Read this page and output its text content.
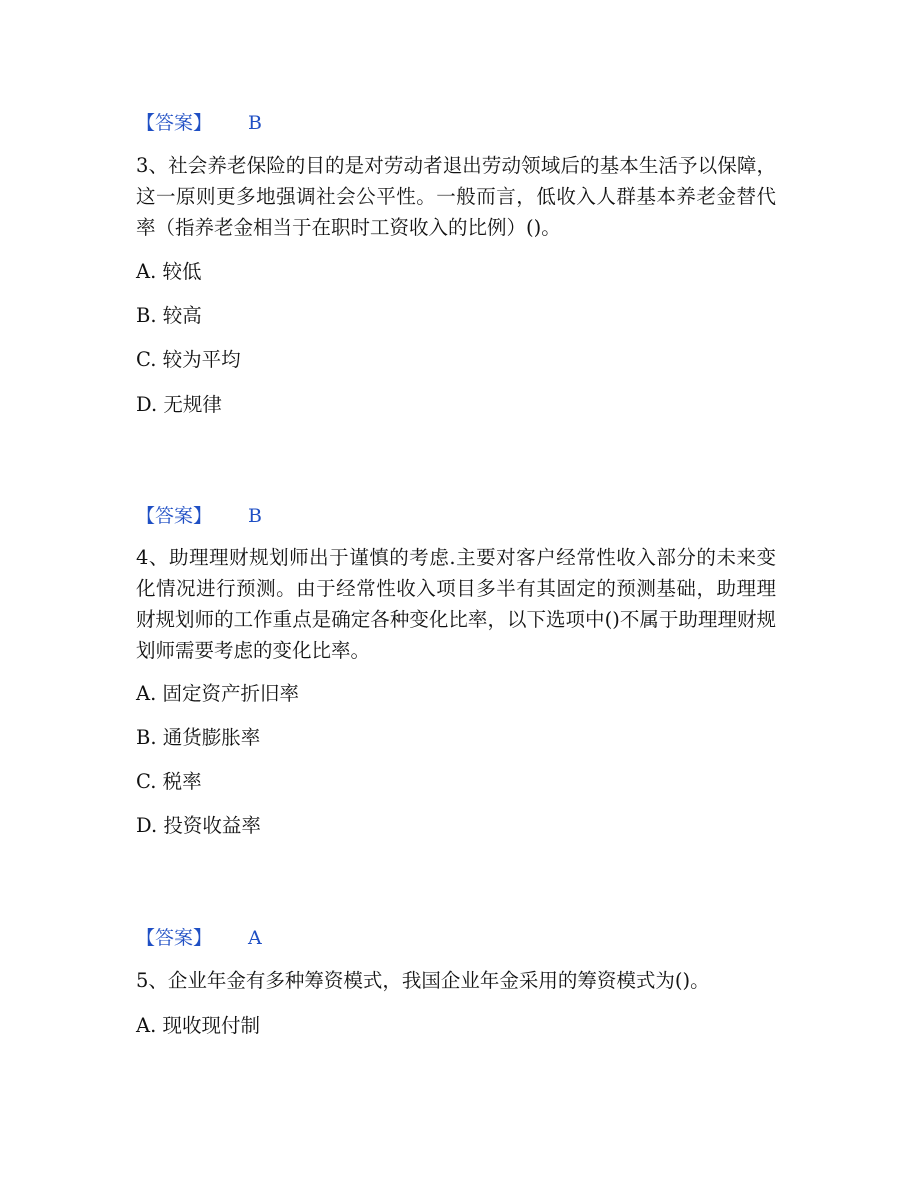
【答案】 B
3、社会养老保险的目的是对劳动者退出劳动领域后的基本生活予以保障，这一原则更多地强调社会公平性。一般而言，低收入人群基本养老金替代率（指养老金相当于在职时工资收入的比例）()。
A. 较低
B. 较高
C. 较为平均
D. 无规律
【答案】 B
4、助理理财规划师出于谨慎的考虑.主要对客户经常性收入部分的未来变化情况进行预测。由于经常性收入项目多半有其固定的预测基础，助理理财规划师的工作重点是确定各种变化比率，以下选项中()不属于助理理财规划师需要考虑的变化比率。
A. 固定资产折旧率
B. 通货膨胀率
C. 税率
D. 投资收益率
【答案】 A
5、企业年金有多种筹资模式，我国企业年金采用的筹资模式为()。
A. 现收现付制
